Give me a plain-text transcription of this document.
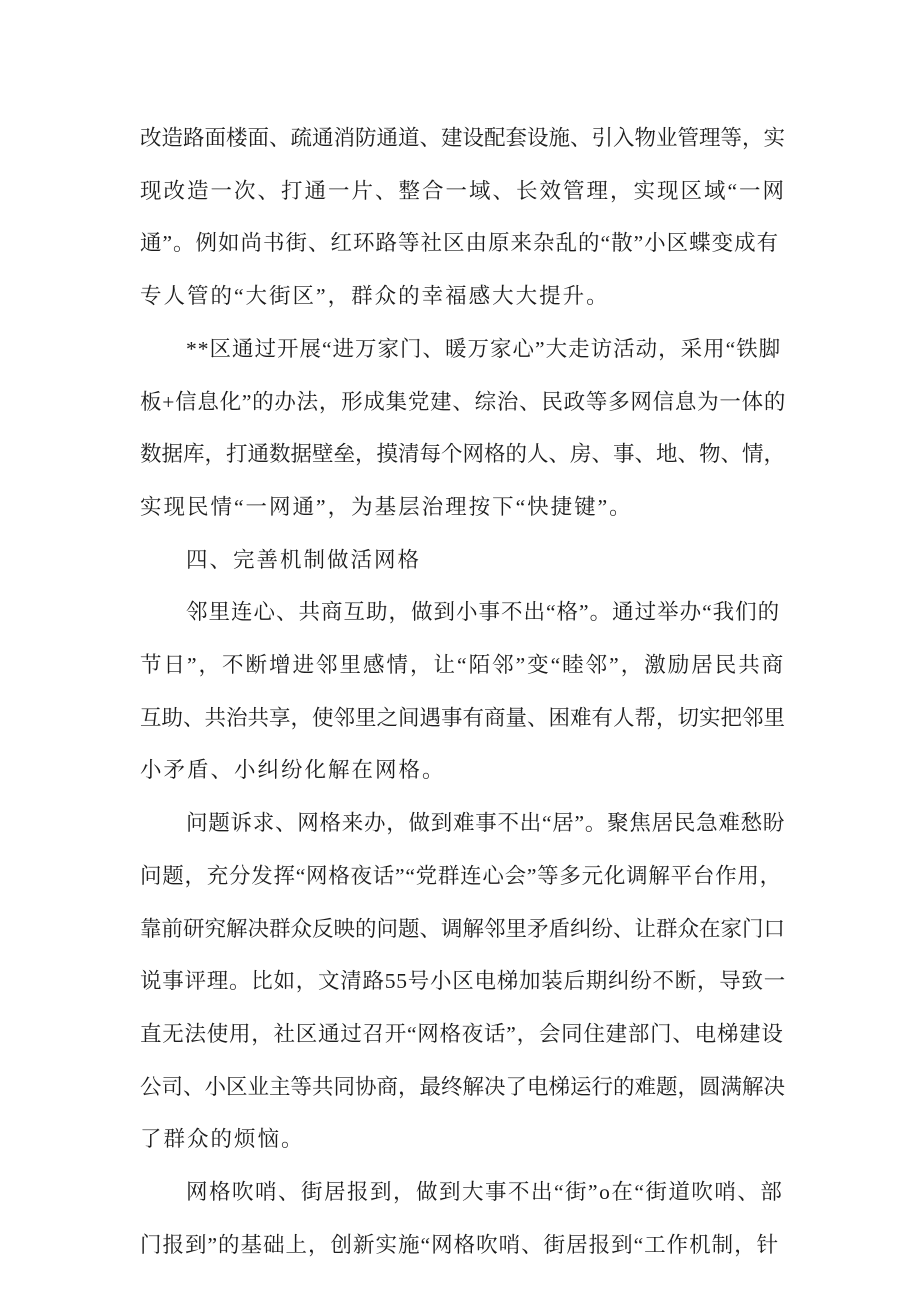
改造路面楼面、疏通消防通道、建设配套设施、引入物业管理等，实
现改造一次、打通一片、整合一域、长效管理，实现区域“一网
通”。例如尚书街、红环路等社区由原来杂乱的“散”小区蝶变成有
专人管的“大街区”，群众的幸福感大大提升。
**区通过开展“进万家门、暖万家心”大走访活动，采用“铁脚
板+信息化”的办法，形成集党建、综治、民政等多网信息为一体的
数据库，打通数据壁垒，摸清每个网格的人、房、事、地、物、情，
实现民情“一网通”，为基层治理按下“快捷键”。
四、完善机制做活网格
邻里连心、共商互助，做到小事不出“格”。通过举办“我们的
节日”，不断增进邻里感情，让“陌邻”变“睦邻”，激励居民共商
互助、共治共享，使邻里之间遇事有商量、困难有人帮，切实把邻里
小矛盾、小纠纷化解在网格。
问题诉求、网格来办，做到难事不出“居”。聚焦居民急难愁盼
问题，充分发挥“网格夜话”“党群连心会”等多元化调解平台作用，
靠前研究解决群众反映的问题、调解邻里矛盾纠纷、让群众在家门口
说事评理。比如，文清路55号小区电梯加装后期纠纷不断，导致一
直无法使用，社区通过召开“网格夜话”，会同住建部门、电梯建设
公司、小区业主等共同协商，最终解决了电梯运行的难题，圆满解决
了群众的烦恼。
网格吹哨、街居报到，做到大事不出“街”o在“街道吹哨、部
门报到”的基础上，创新实施“网格吹哨、街居报到“工作机制，针
